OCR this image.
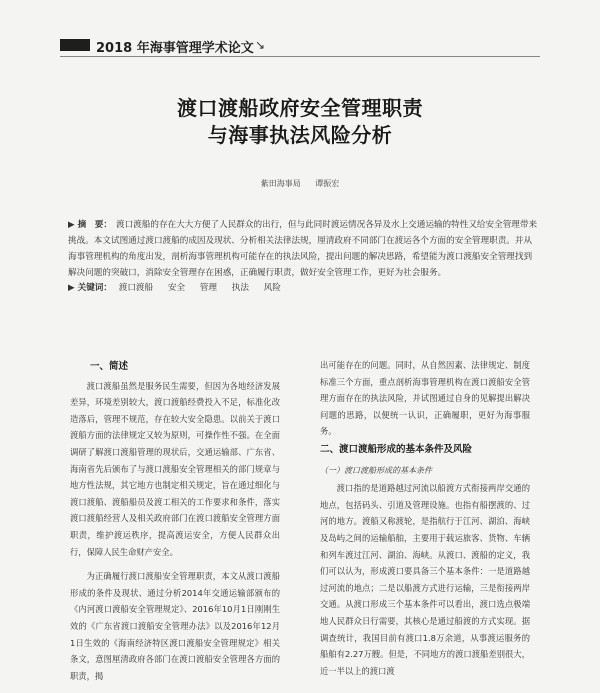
2018 年海事管理学术论文 ↘
渡口渡船政府安全管理职责
与海事执法风险分析
紫田海事局 谭振宏

▶ 摘　要： 渡口渡船的存在大大方便了人民群众的出行，但与此同时渡运情况各异及水上交通运输的特性又给安全管理带来挑战。本文试图通过渡口渡船的成因及现状、分析相关法律法规，厘清政府不同部门在渡运各个方面的安全管理职责。并从海事管理机构的角度出发，剖析海事管理机构可能存在的执法风险，提出问题的解决思路，希望能为渡口渡船安全管理找到解决问题的突破口，消除安全管理存在困惑，正确履行职责，做好安全管理工作，更好为社会服务。

▶ 关键词： 渡口渡船 安全 管理 执法 风险
一、简述

渡口渡船虽然是服务民生需要，但因为各地经济发展差异，环境差别较大，渡口渡船经费投入不足，标准化改造落后，管理不规范，存在较大安全隐患。以前关于渡口渡船方面的法律规定又较为原则，可操作性不强。在全面调研了解渡口渡船管理的现状后，交通运输部、广东省、海南省先后颁布了与渡口渡船安全管理相关的部门规章与地方性法规，其它地方也制定相关规定，旨在通过细化与渡口渡船、渡船船员及渡工相关的工作要求和条件，落实渡口渡船经营人及相关政府部门在渡口渡船安全管理方面职责，维护渡运秩序，提高渡运安全，方便人民群众出行，保障人民生命财产安全。

为正确履行渡口渡船安全管理职责，本文从渡口渡船形成的条件及现状、通过分析2014年交通运输部颁布的《内河渡口渡船安全管理规定》、2016年10月1日刚刚生效的《广东省渡口渡船安全管理办法》以及2016年12月1日生效的《海南经济特区渡口渡船安全管理规定》相关条文，意图厘清政府各部门在渡口渡船安全管理各方面的职责，揭

出可能存在的问题。同时，从自然因素、法律规定、制度标准三个方面，重点剖析海事管理机构在渡口渡船安全管理方面存在的执法风险，并试图通过自身的见解提出解决问题的思路，以便统一认识，正确履职，更好为海事服务。

二、渡口渡船形成的基本条件及风险
（一）渡口渡船形成的基本条件

渡口指的是道路越过河流以船渡方式衔接两岸交通的地点，包括码头、引道及管理设施。也指有船摆渡的、过河的地方。渡船又称渡轮，是指航行于江河、湖泊、海峡及岛屿之间的运输船舶，主要用于载运旅客、货物、车辆和列车渡过江河、湖泊、海峡。从渡口、渡船的定义，我们可以认为，形成渡口要具备三个基本条件：一是道路越过河流的地点；二是以船渡方式进行运输，三是衔接两岸交通。从渡口形成三个基本条件可以看出，渡口选点极端地人民群众日行需要，其核心是通过船渡的方式实现。据调查统计，我国目前有渡口1.8万余道，从事渡运服务的船舶有2.27万艘。但是，不同地方的渡口渡船差别很大，近一半以上的渡口渡
